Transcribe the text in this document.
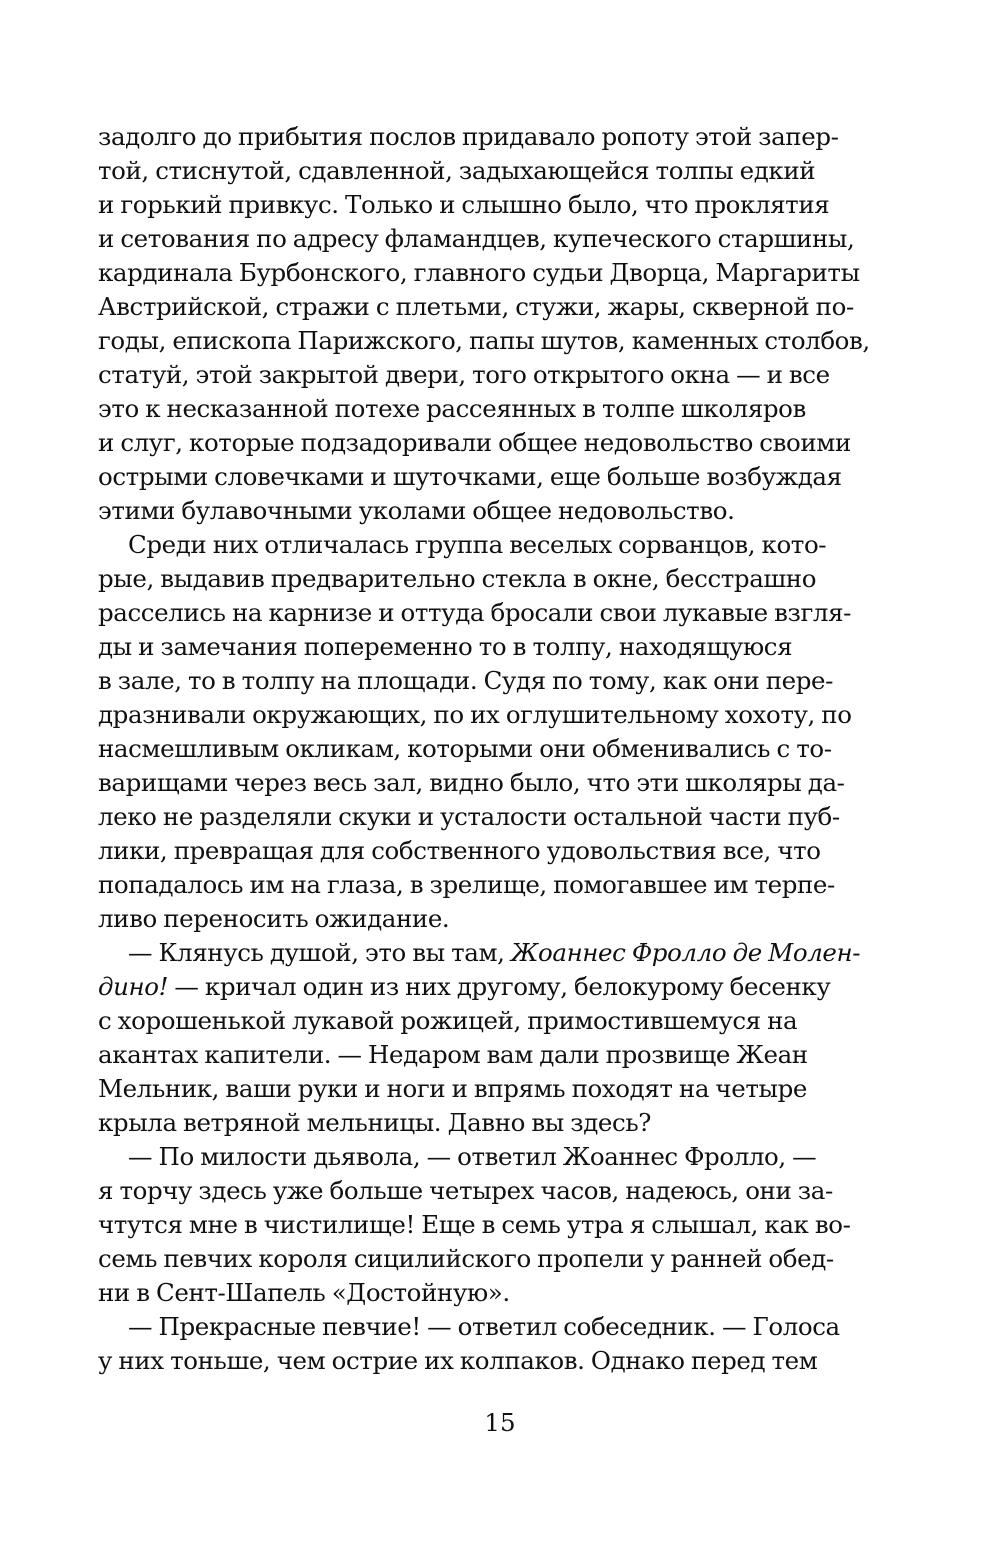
задолго до прибытия послов придавало ропоту этой запер-
той, стиснутой, сдавленной, задыхающейся толпы едкий
и горький привкус. Только и слышно было, что проклятия
и сетования по адресу фламандцев, купеческого старшины,
кардинала Бурбонского, главного судьи Дворца, Маргариты
Австрийской, стражи с плетьми, стужи, жары, скверной по-
годы, епископа Парижского, папы шутов, каменных столбов,
статуй, этой закрытой двери, того открытого окна — и все
это к несказанной потехе рассеянных в толпе школяров
и слуг, которые подзадоривали общее недовольство своими
острыми словечками и шуточками, еще больше возбуждая
этими булавочными уколами общее недовольство.
Среди них отличалась группа веселых сорванцов, кото-
рые, выдавив предварительно стекла в окне, бесстрашно
расселись на карнизе и оттуда бросали свои лукавые взгля-
ды и замечания попеременно то в толпу, находящуюся
в зале, то в толпу на площади. Судя по тому, как они пере-
дразнивали окружающих, по их оглушительному хохоту, по
насмешливым окликам, которыми они обменивались с то-
варищами через весь зал, видно было, что эти школяры да-
леко не разделяли скуки и усталости остальной части пуб-
лики, превращая для собственного удовольствия все, что
попадалось им на глаза, в зрелище, помогавшее им терпе-
ливо переносить ожидание.
— Клянусь душой, это вы там, Жоаннес Фролло де Молен-
дино! — кричал один из них другому, белокурому бесенку
с хорошенькой лукавой рожицей, примостившемуся на
акантах капители. — Недаром вам дали прозвище Жеан
Мельник, ваши руки и ноги и впрямь походят на четыре
крыла ветряной мельницы. Давно вы здесь?
— По милости дьявола, — ответил Жоаннес Фролло, —
я торчу здесь уже больше четырех часов, надеюсь, они за-
чтутся мне в чистилище! Еще в семь утра я слышал, как во-
семь певчих короля сицилийского пропели у ранней обед-
ни в Сент-Шапель «Достойную».
— Прекрасные певчие! — ответил собеседник. — Голоса
у них тоньше, чем острие их колпаков. Однако перед тем
15
